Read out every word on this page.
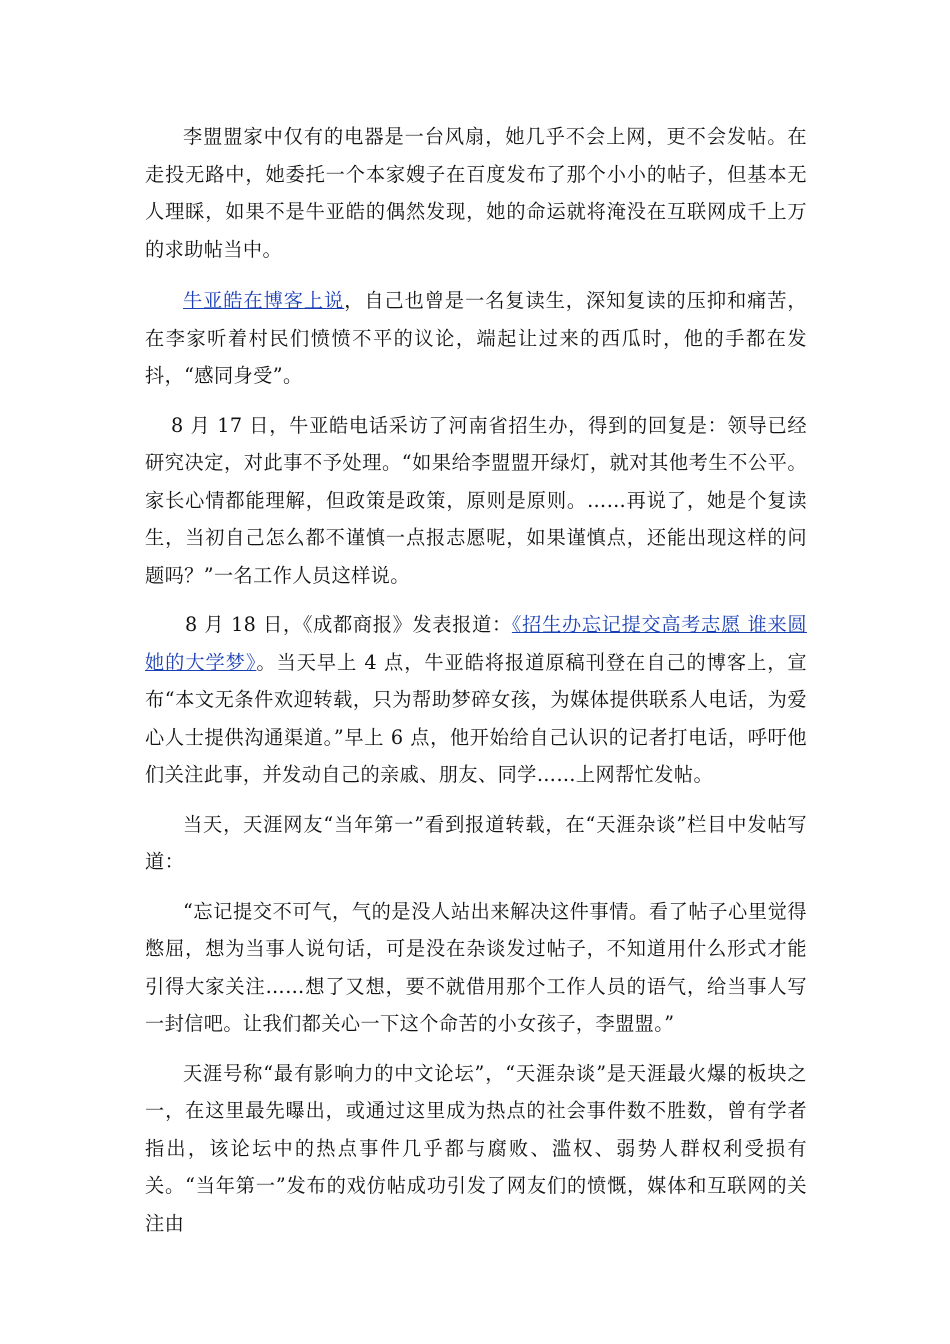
李盟盟家中仅有的电器是一台风扇，她几乎不会上网，更不会发帖。在走投无路中，她委托一个本家嫂子在百度发布了那个小小的帖子，但基本无人理睬，如果不是牛亚皓的偶然发现，她的命运就将淹没在互联网成千上万的求助帖当中。

牛亚皓在博客上说，自己也曾是一名复读生，深知复读的压抑和痛苦，在李家听着村民们愤愤不平的议论，端起让过来的西瓜时，他的手都在发抖，“感同身受”。

8 月 17 日，牛亚皓电话采访了河南省招生办，得到的回复是：领导已经研究决定，对此事不予处理。“如果给李盟盟开绿灯，就对其他考生不公平。家长心情都能理解，但政策是政策，原则是原则。……再说了，她是个复读生，当初自己怎么都不谨慎一点报志愿呢，如果谨慎点，还能出现这样的问题吗？”一名工作人员这样说。

8 月 18 日，《成都商报》发表报道：《招生办忘记提交高考志愿 谁来圆她的大学梦》。当天早上 4 点，牛亚皓将报道原稿刊登在自己的博客上，宣布“本文无条件欢迎转载，只为帮助梦碎女孩，为媒体提供联系人电话，为爱心人士提供沟通渠道。”早上 6 点，他开始给自己认识的记者打电话，呼吁他们关注此事，并发动自己的亲戚、朋友、同学……上网帮忙发帖。

当天，天涯网友“当年第一”看到报道转载，在“天涯杂谈”栏目中发帖写道：

“忘记提交不可气，气的是没人站出来解决这件事情。看了帖子心里觉得憋屈，想为当事人说句话，可是没在杂谈发过帖子，不知道用什么形式才能引得大家关注……想了又想，要不就借用那个工作人员的语气，给当事人写一封信吧。让我们都关心一下这个命苦的小女孩子，李盟盟。”

天涯号称“最有影响力的中文论坛”，“天涯杂谈”是天涯最火爆的板块之一，在这里最先曝出，或通过这里成为热点的社会事件数不胜数，曾有学者指出，该论坛中的热点事件几乎都与腐败、滥权、弱势人群权利受损有关。“当年第一”发布的戏仿帖成功引发了网友们的愤慨，媒体和互联网的关注由
